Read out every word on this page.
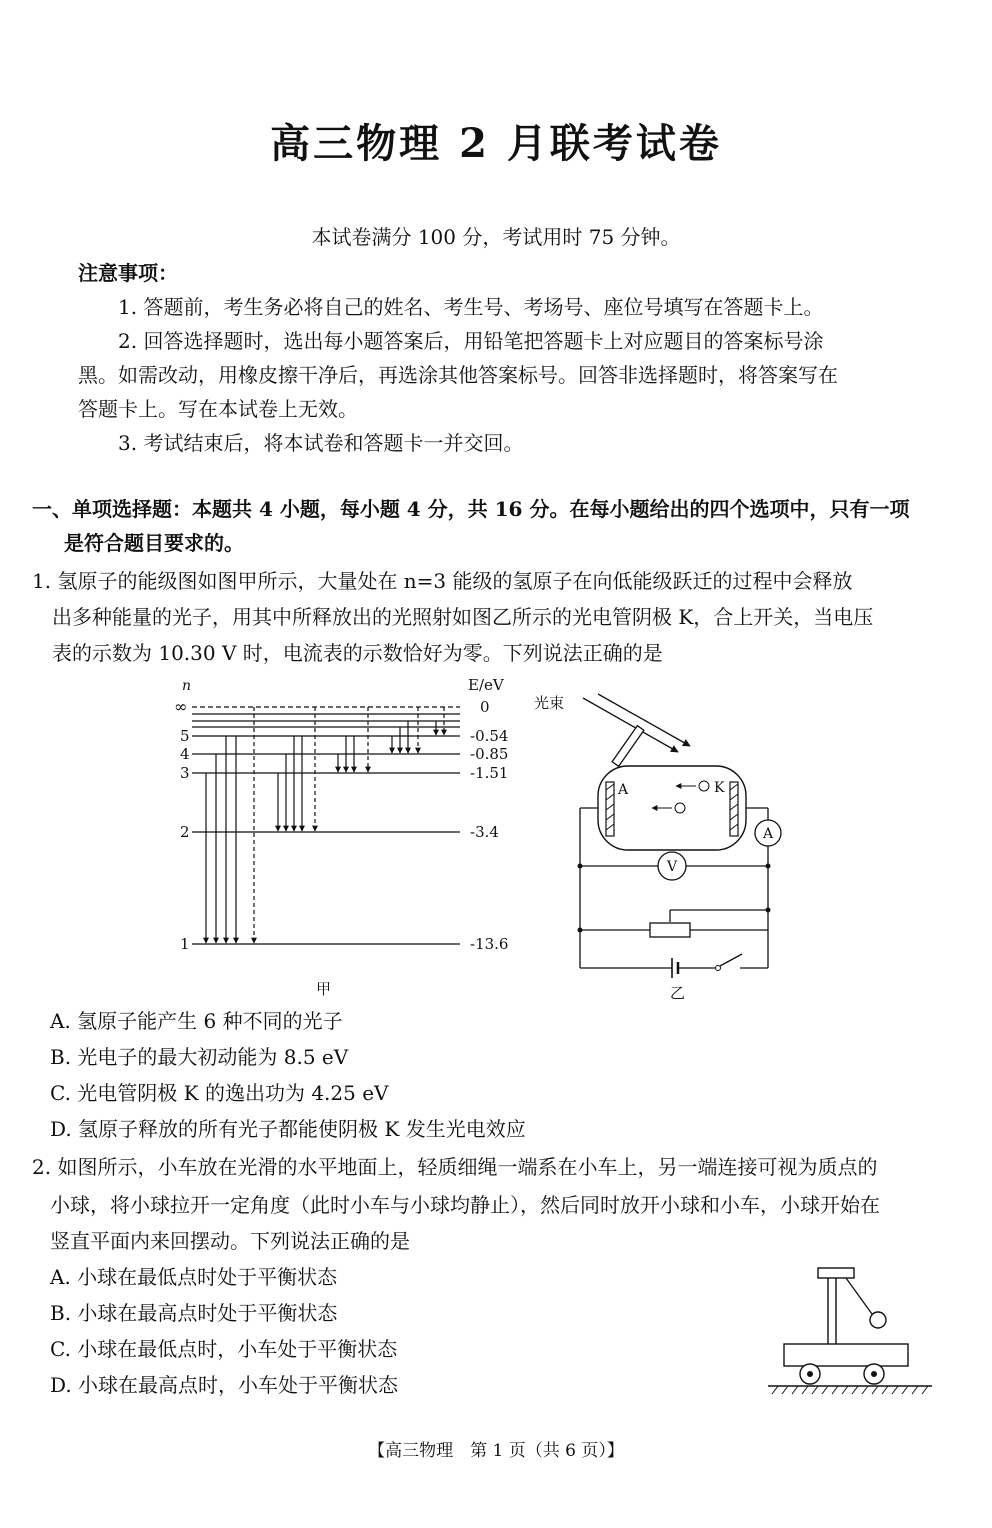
高三物理 2 月联考试卷
本试卷满分 100 分，考试用时 75 分钟。
注意事项：
1. 答题前，考生务必将自己的姓名、考生号、考场号、座位号填写在答题卡上。
2. 回答选择题时，选出每小题答案后，用铅笔把答题卡上对应题目的答案标号涂
黑。如需改动，用橡皮擦干净后，再选涂其他答案标号。回答非选择题时，将答案写在
答题卡上。写在本试卷上无效。
3. 考试结束后，将本试卷和答题卡一并交回。
一、单项选择题：本题共 4 小题，每小题 4 分，共 16 分。在每小题给出的四个选项中，只有一项
是符合题目要求的。
1. 氢原子的能级图如图甲所示，大量处在 n=3 能级的氢原子在向低能级跃迁的过程中会释放
出多种能量的光子，用其中所释放出的光照射如图乙所示的光电管阴极 K，合上开关，当电压
表的示数为 10.30 V 时，电流表的示数恰好为零。下列说法正确的是
n	E/eV
∞	0
5	-0.54
4	-0.85
3	-1.51
2	-3.4
1	-13.6
甲
光束
A	K
A
V
乙
A. 氢原子能产生 6 种不同的光子
B. 光电子的最大初动能为 8.5 eV
C. 光电管阴极 K 的逸出功为 4.25 eV
D. 氢原子释放的所有光子都能使阴极 K 发生光电效应
2. 如图所示，小车放在光滑的水平地面上，轻质细绳一端系在小车上，另一端连接可视为质点的
小球，将小球拉开一定角度（此时小车与小球均静止），然后同时放开小球和小车，小球开始在
竖直平面内来回摆动。下列说法正确的是
A. 小球在最低点时处于平衡状态
B. 小球在最高点时处于平衡状态
C. 小球在最低点时，小车处于平衡状态
D. 小球在最高点时，小车处于平衡状态
【高三物理　第 1 页（共 6 页）】
